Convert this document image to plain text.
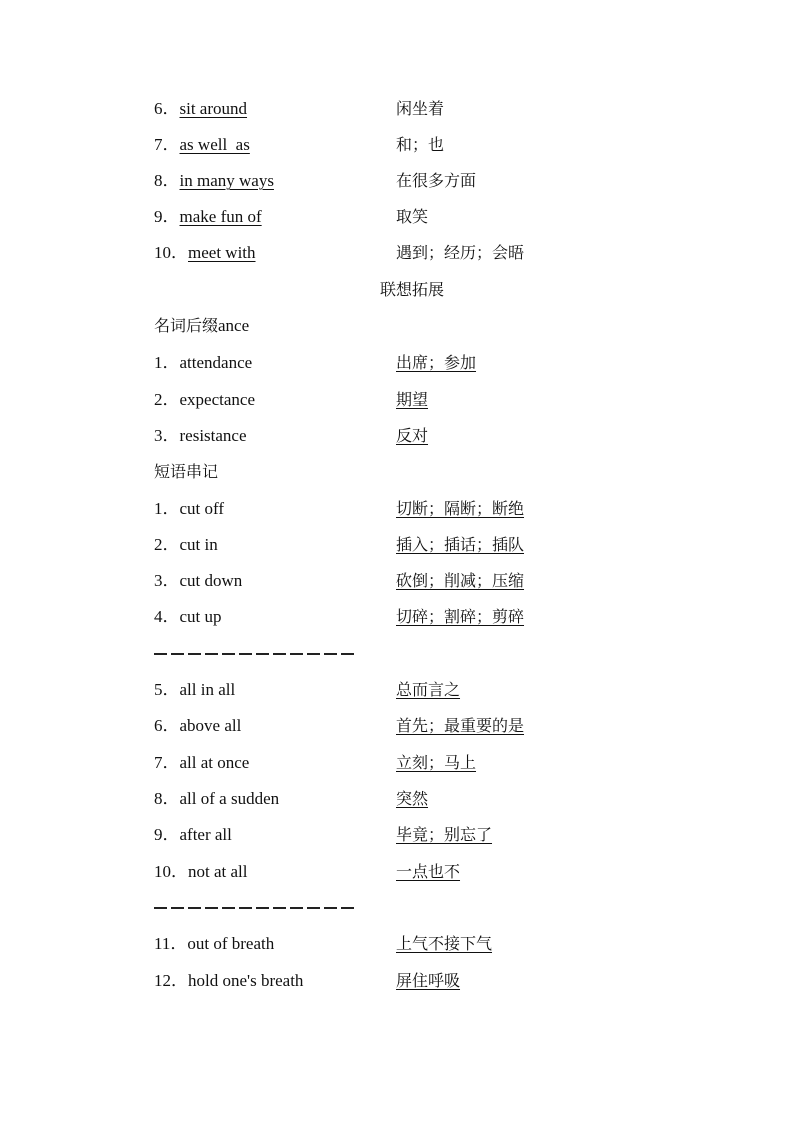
6．sit around	闲坐着
7．as well  as	和；也
8．in many ways	在很多方面
9．make fun of	取笑
10．meet with	遇到；经历；会晤
联想拓展
名词后缀ance
1．attendance	出席；参加
2．expectance	期望
3．resistance	反对
短语串记
1．cut off	切断；隔断；断绝
2．cut in	插入；插话；插队
3．cut down	砍倒；削减；压缩
4．cut up	切碎；割碎；剪碎
5．all in all	总而言之
6．above all	首先；最重要的是
7．all at once	立刻；马上
8．all of a sudden	突然
9．after all	毕竟；别忘了
10．not at all	一点也不
11．out of breath	上气不接下气
12．hold one's breath	屏住呼吸
